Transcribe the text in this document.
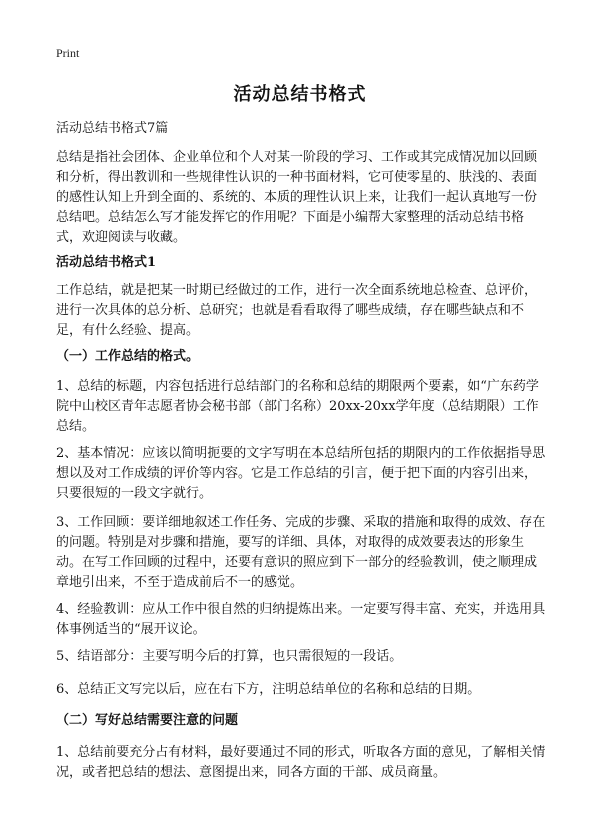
Print
活动总结书格式

活动总结书格式7篇

总结是指社会团体、企业单位和个人对某一阶段的学习、工作或其完成情况加以回顾和分析，得出教训和一些规律性认识的一种书面材料，它可使零星的、肤浅的、表面的感性认知上升到全面的、系统的、本质的理性认识上来，让我们一起认真地写一份总结吧。总结怎么写才能发挥它的作用呢？下面是小编帮大家整理的活动总结书格式，欢迎阅读与收藏。

活动总结书格式1

工作总结，就是把某一时期已经做过的工作，进行一次全面系统地总检查、总评价，进行一次具体的总分析、总研究；也就是看看取得了哪些成绩，存在哪些缺点和不足，有什么经验、提高。

（一）工作总结的格式。

1、总结的标题，内容包括进行总结部门的名称和总结的期限两个要素，如“广东药学院中山校区青年志愿者协会秘书部（部门名称）20xx-20xx学年度（总结期限）工作总结。

2、基本情况：应该以简明扼要的文字写明在本总结所包括的期限内的工作依据指导思想以及对工作成绩的评价等内容。它是工作总结的引言，便于把下面的内容引出来，只要很短的一段文字就行。

3、工作回顾：要详细地叙述工作任务、完成的步骤、采取的措施和取得的成效、存在的问题。特别是对步骤和措施，要写的详细、具体，对取得的成效要表达的形象生动。在写工作回顾的过程中，还要有意识的照应到下一部分的经验教训，使之顺理成章地引出来，不至于造成前后不一的感觉。

4、经验教训：应从工作中很自然的归纳提炼出来。一定要写得丰富、充实，并选用具体事例适当的“展开议论。

5、结语部分：主要写明今后的打算，也只需很短的一段话。

6、总结正文写完以后，应在右下方，注明总结单位的名称和总结的日期。

（二）写好总结需要注意的问题

1、总结前要充分占有材料，最好要通过不同的形式，听取各方面的意见，了解相关情况，或者把总结的想法、意图提出来，同各方面的干部、成员商量。
